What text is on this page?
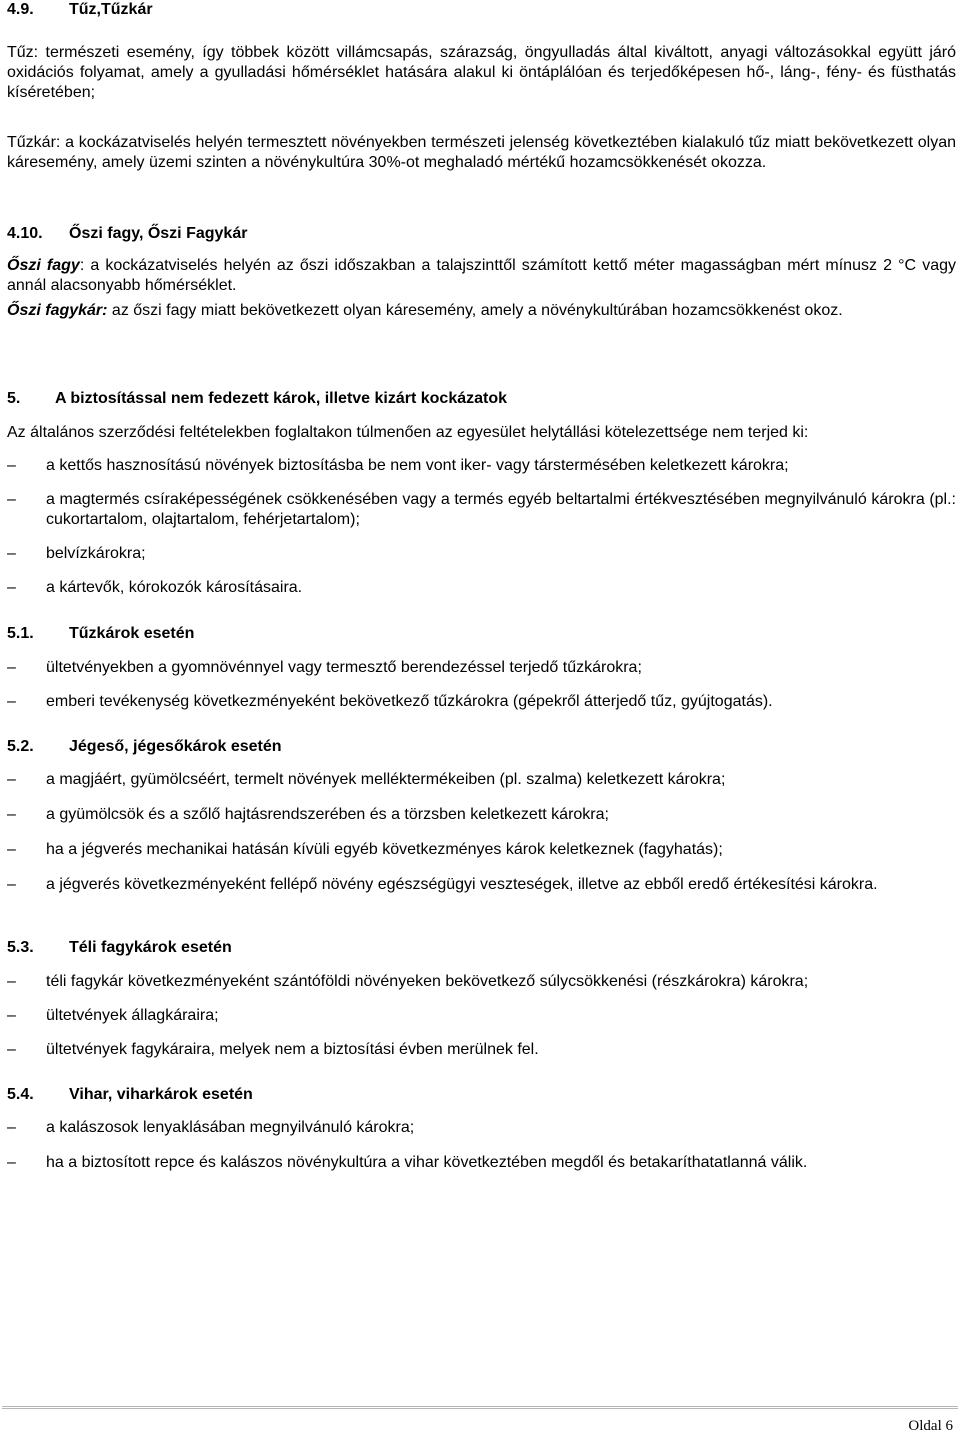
4.9.	Tűz,Tűzkár

Tűz: természeti esemény, így többek között villámcsapás, szárazság, öngyulladás által kiváltott, anyagi változásokkal együtt járó oxidációs folyamat, amely a gyulladási hőmérséklet hatására alakul ki öntáplálóan és terjedőképesen hő-, láng-, fény- és füsthatás kíséretében;

Tűzkár: a kockázatviselés helyén termesztett növényekben természeti jelenség következtében kialakuló tűz miatt bekövetkezett olyan káresemény, amely üzemi szinten a növénykultúra 30%-ot meghaladó mértékű hozamcsökkenését okozza.

4.10.	Őszi fagy, Őszi Fagykár

Őszi fagy: a kockázatviselés helyén az őszi időszakban a talajszinttől számított kettő méter magasságban mért mínusz 2 °C vagy annál alacsonyabb hőmérséklet.

Őszi fagykár: az őszi fagy miatt bekövetkezett olyan káresemény, amely a növénykultúrában hozamcsökkenést okoz.

5.	A biztosítással nem fedezett károk, illetve kizárt kockázatok

Az általános szerződési feltételekben foglaltakon túlmenően az egyesület helytállási kötelezettsége nem terjed ki:

–	a kettős hasznosítású növények biztosításba be nem vont iker- vagy társtermésében keletkezett károkra;
–	a magtermés csíraképességének csökkenésében vagy a termés egyéb beltartalmi értékvesztésében megnyilvánuló károkra (pl.: cukortartalom, olajtartalom, fehérjetartalom);
–	belvízkárokra;
–	a kártevők, kórokozók károsításaira.
5.1.	Tűzkárok esetén
–	ültetvényekben a gyomnövénnyel vagy termesztő berendezéssel terjedő tűzkárokra;
–	emberi tevékenység következményeként bekövetkező tűzkárokra (gépekről átterjedő tűz, gyújtogatás).
5.2.	Jégeső, jégesőkárok esetén
–	a magjáért, gyümölcséért, termelt növények melléktermékeiben (pl. szalma) keletkezett károkra;
–	a gyümölcsök és a szőlő hajtásrendszerében és a törzsben keletkezett károkra;
–	ha a jégverés mechanikai hatásán kívüli egyéb következményes károk keletkeznek (fagyhatás);
–	a jégverés következményeként fellépő növény egészségügyi veszteségek, illetve az ebből eredő értékesítési károkra.
5.3.	Téli fagykárok esetén
–	téli fagykár következményeként szántóföldi növényeken bekövetkező súlycsökkenési (részkárokra) károkra;
–	ültetvények állagkáraira;
–	ültetvények fagykáraira, melyek nem a biztosítási évben merülnek fel.
5.4.	Vihar, viharkárok esetén
–	a kalászosok lenyaklásában megnyilvánuló károkra;
–	ha a biztosított repce és kalászos növénykultúra a vihar következtében megdől és betakaríthatatlanná válik.
Oldal 6
